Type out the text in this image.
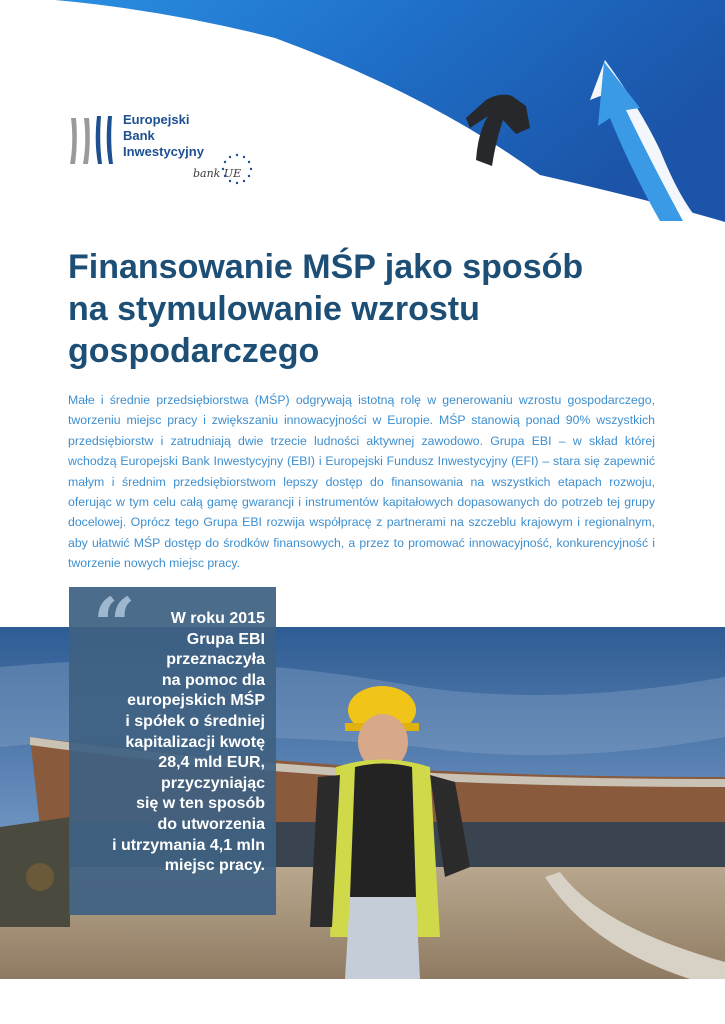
Europejski
Bank
Inwestycyjny
bank UE
Finansowanie MŚP jako sposób
na stymulowanie wzrostu
gospodarczego
Małe i średnie przedsiębiorstwa (MŚP) odgrywają istotną rolę w generowaniu wzrostu gospodarczego, tworzeniu miejsc pracy i zwiększaniu innowacyjności w Europie. MŚP stanowią ponad 90% wszystkich przedsiębiorstw i zatrudniają dwie trzecie ludności aktywnej zawodowo. Grupa EBI – w skład której wchodzą Europejski Bank Inwestycyjny (EBI) i Europejski Fundusz Inwestycyjny (EFI) – stara się zapewnić małym i średnim przedsiębiorstwom lepszy dostęp do finansowania na wszystkich etapach rozwoju, oferując w tym celu całą gamę gwarancji i instrumentów kapitałowych dopasowanych do potrzeb tej grupy docelowej. Oprócz tego Grupa EBI rozwija współpracę z partnerami na szczeblu krajowym i regionalnym, aby ułatwić MŚP dostęp do środków finansowych, a przez to promować innowacyjność, konkurencyjność i tworzenie nowych miejsc pracy.
“	W roku 2015
Grupa EBI
przeznaczyła
na pomoc dla
europejskich MŚP
i spółek o średniej
kapitalizacji kwotę
28,4 mld EUR,
przyczyniając
się w ten sposób
do utworzenia
i utrzymania 4,1 mln
miejsc pracy.
